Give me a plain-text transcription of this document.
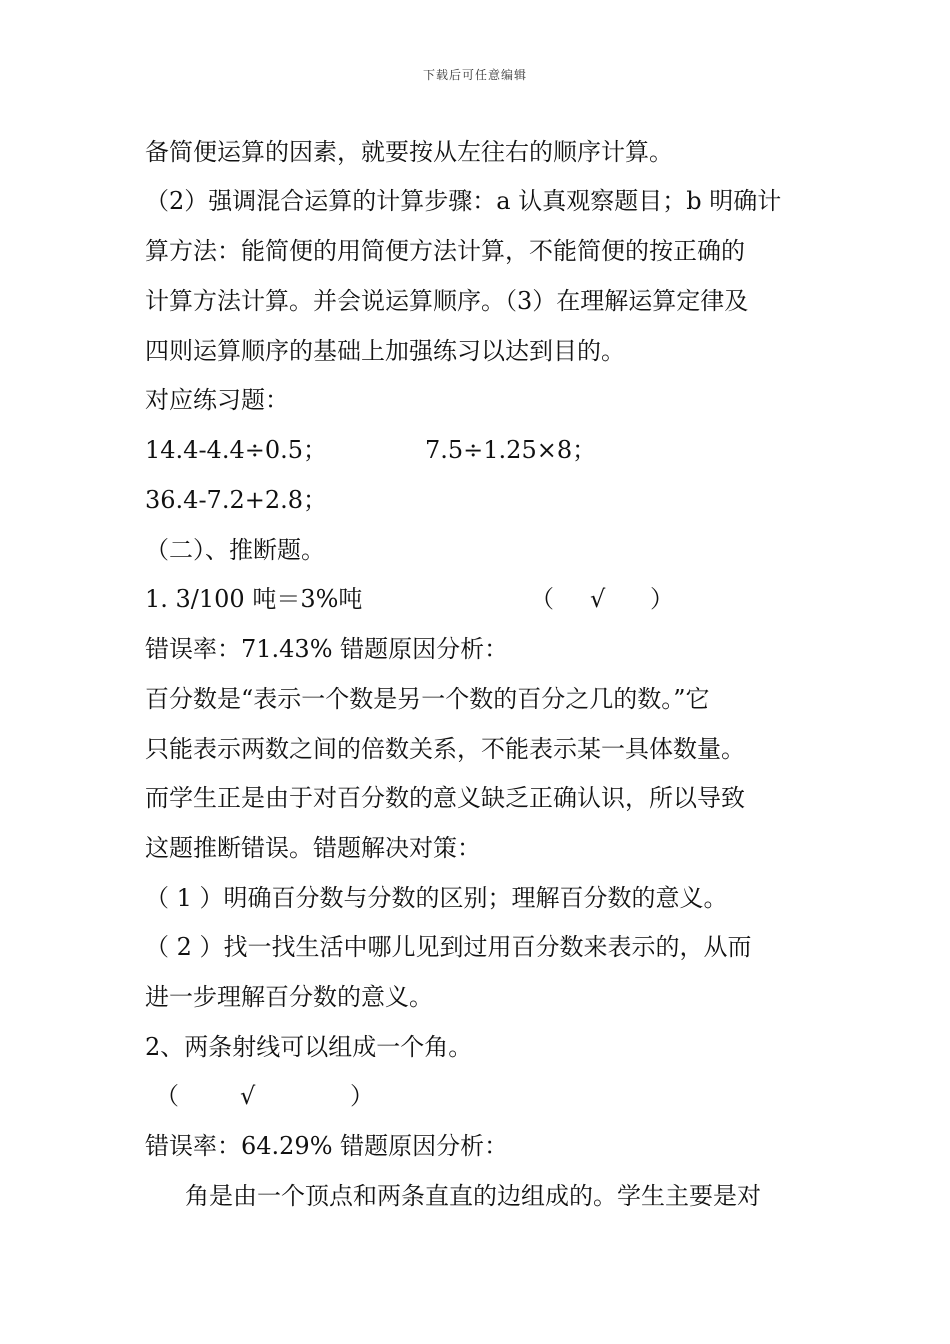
下载后可任意编辑
备简便运算的因素，就要按从左往右的顺序计算。
（2）强调混合运算的计算步骤：a 认真观察题目；b 明确计
算方法：能简便的用简便方法计算，不能简便的按正确的
计算方法计算。并会说运算顺序。（3）在理解运算定律及
四则运算顺序的基础上加强练习以达到目的。
对应练习题：
14.4-4.4÷0.5；	7.5÷1.25×8；
36.4-7.2+2.8；
（二）、推断题。
1. 3/100 吨＝3%吨	（ √ ）
错误率：71.43% 错题原因分析：
百分数是“表示一个数是另一个数的百分之几的数。”它
只能表示两数之间的倍数关系，不能表示某一具体数量。
而学生正是由于对百分数的意义缺乏正确认识，所以导致
这题推断错误。错题解决对策：
（ 1 ）明确百分数与分数的区别；理解百分数的意义。
（ 2 ）找一找生活中哪儿见到过用百分数来表示的，从而
进一步理解百分数的意义。
2、两条射线可以组成一个角。
（	√	）
错误率：64.29% 错题原因分析：
角是由一个顶点和两条直直的边组成的。学生主要是对
